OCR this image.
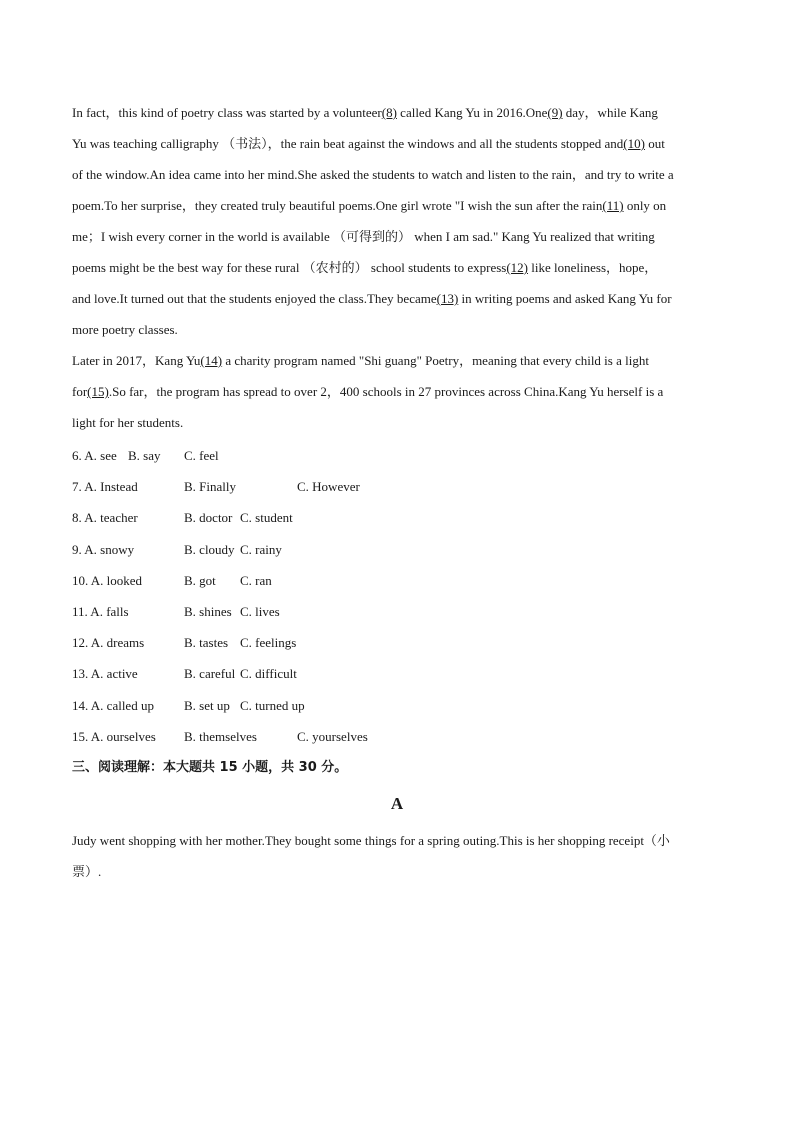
In fact，this kind of poetry class was started by a volunteer(8) called Kang Yu in 2016.One(9) day，while Kang
Yu was teaching calligraphy （书法），the rain beat against the windows and all the students stopped and(10) out
of the window.An idea came into her mind.She asked the students to watch and listen to the rain，and try to write a
poem.To her surprise，they created truly beautiful poems.One girl wrote "I wish the sun after the rain(11) only on
me；I wish every corner in the world is available （可得到的） when I am sad." Kang Yu realized that writing
poems might be the best way for these rural （农村的） school students to express(12) like loneliness，hope，
and love.It turned out that the students enjoyed the class.They became(13) in writing poems and asked Kang Yu for
more poetry classes.
Later in 2017，Kang Yu(14) a charity program named "Shi guang" Poetry，meaning that every child is a light
for(15).So far，the program has spread to over 2，400 schools in 27 provinces across China.Kang Yu herself is a
light for her students.
6. A. see B. say C. feel
7. A. Instead	B. Finally	C. However
8. A. teacher	B. doctor C. student
9. A. snowy	B. cloudy C. rainy
10. A. looked	B. got C. ran
11. A. falls	B. shines C. lives
12. A. dreams	B. tastes C. feelings
13. A. active	B. careful C. difficult
14. A. called up B. set up C. turned up
15. A. ourselves B. themselves	C. yourselves
三、阅读理解：本大题共 15 小题，共 30 分。
A
Judy went shopping with her mother.They bought some things for a spring outing.This is her shopping receipt（小
票）.
